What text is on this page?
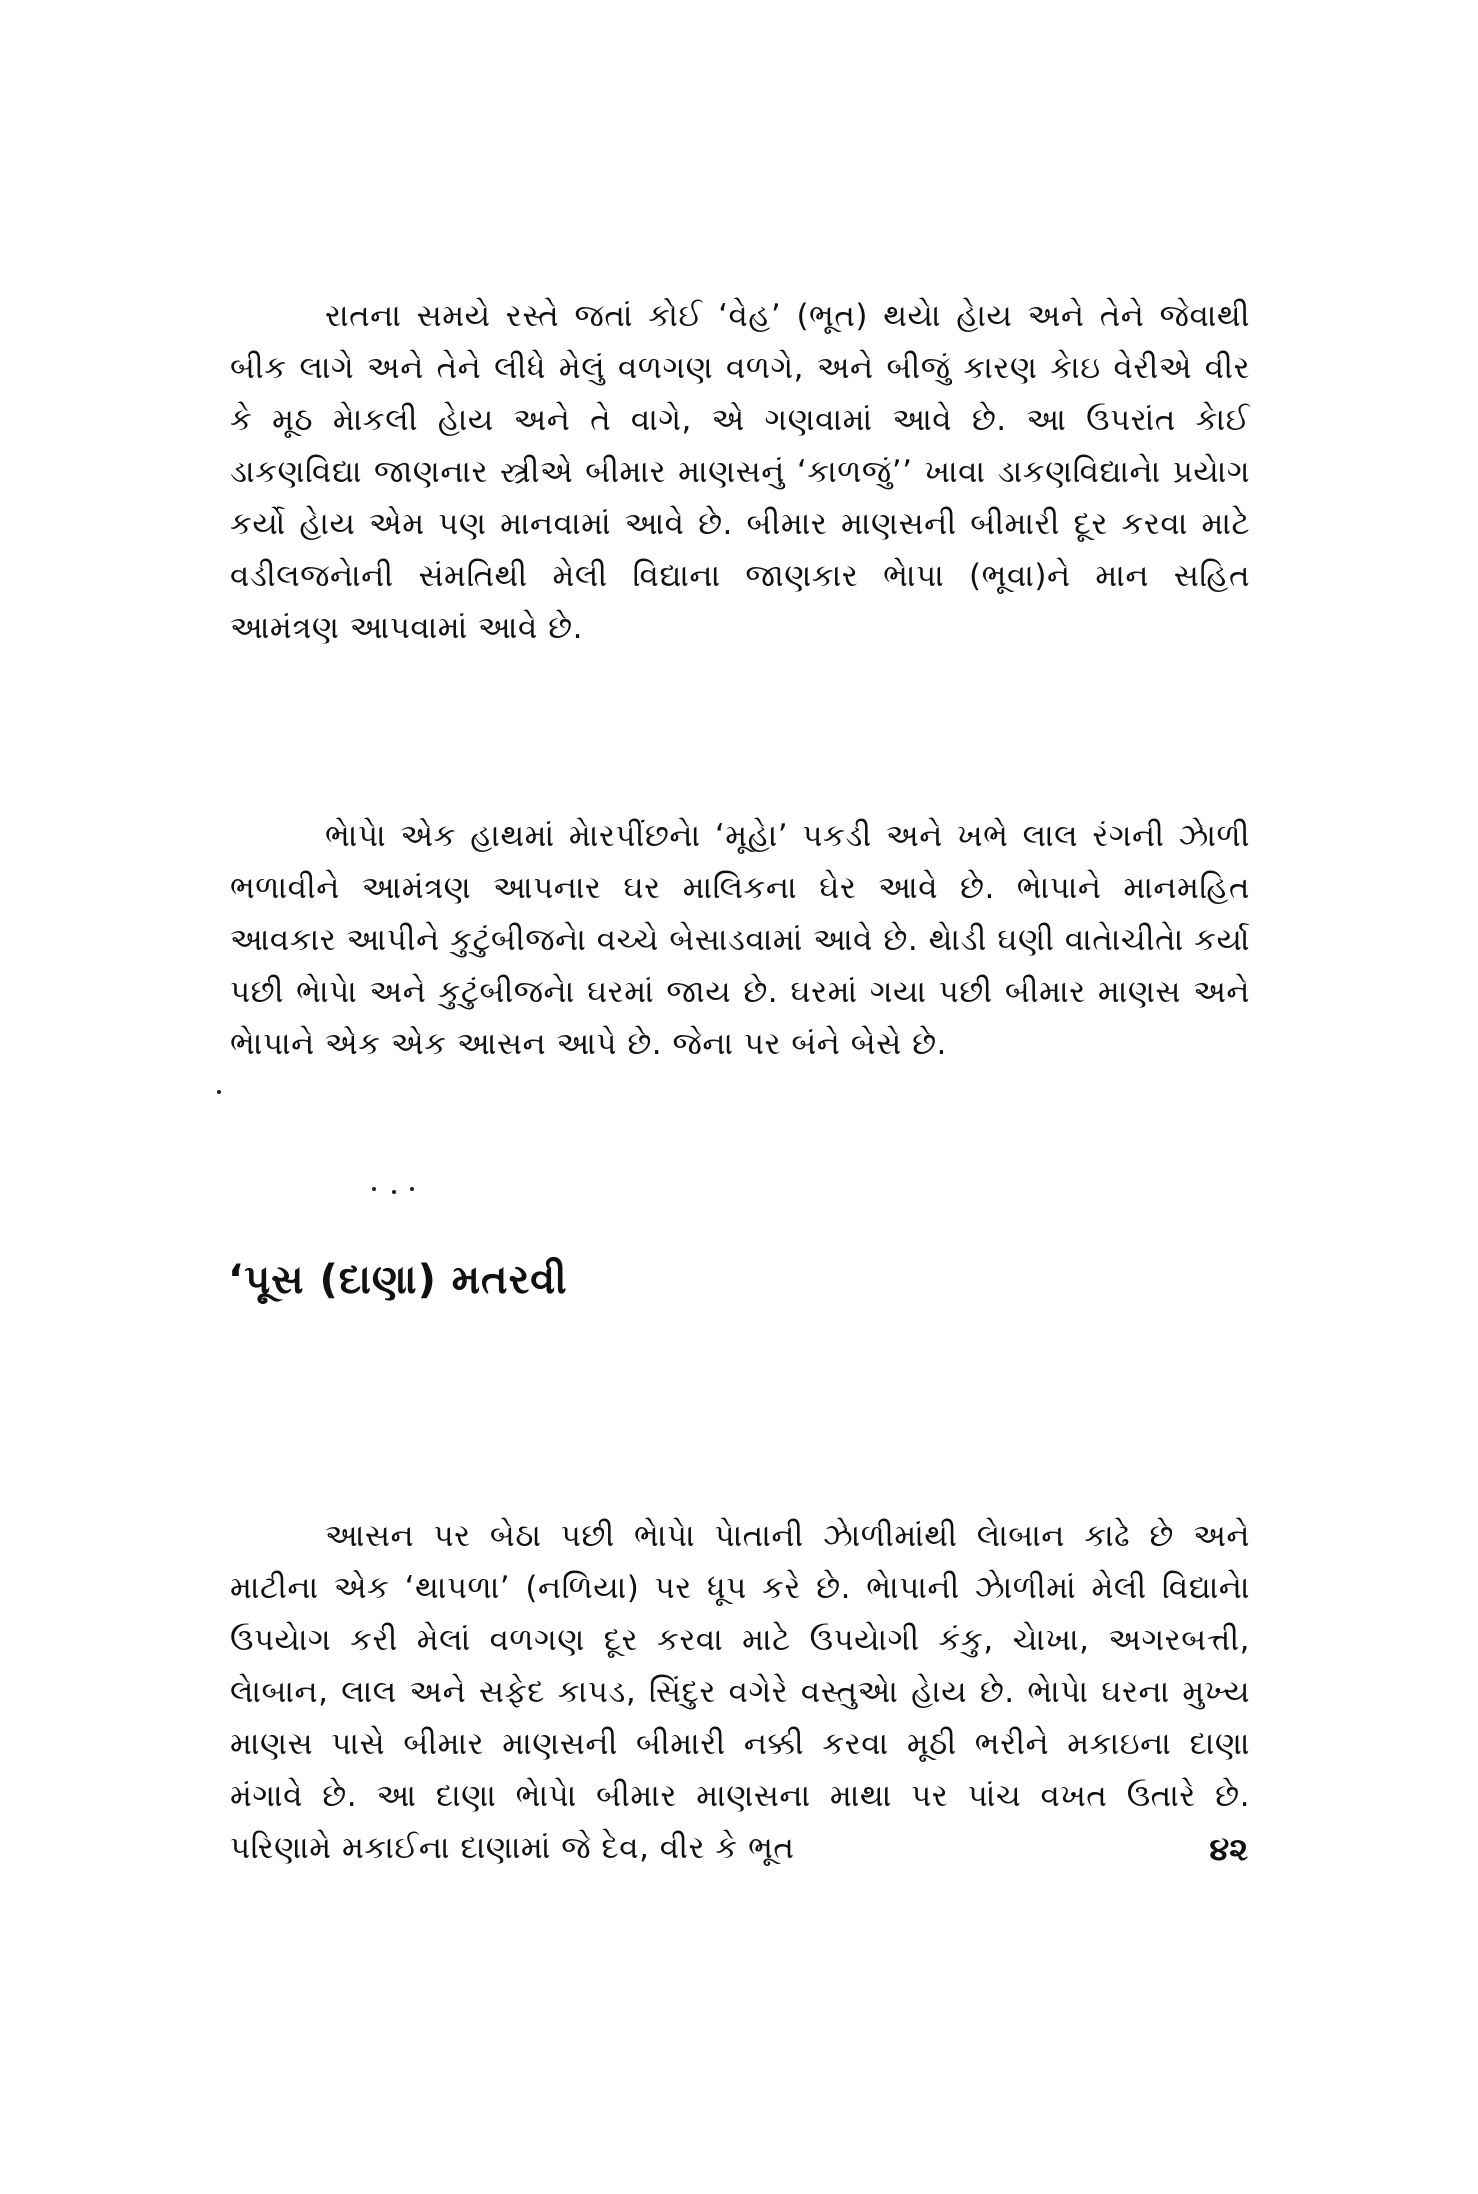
રાતના સમયે રસ્તે જતાં કોઈ ‘વેહ’ (ભૂત) થયેા હેાય અને તેને જેવાથી બીક લાગે અને તેને લીધે મેલું વળગણ વળગે, અને બીજું કારણ કેાઇ વેરીએ વીર કે મૂઠ મેાકલી હેાય અને તે વાગે, એ ગણવામાં આવે છે. આ ઉપરાંત કેાઈ ડાકણવિદ્યા જાણનાર સ્ત્રીએ બીમાર માણસનું ‘કાળજું’’ ખાવા ડાકણવિદ્યાનેા પ્રયેાગ કર્યો હેાય એમ પણ માનવામાં આવે છે. બીમાર માણસની બીમારી દૂર કરવા માટે વડીલજનેાની સંમતિથી મેલી વિદ્યાના જાણકાર ભેાપા (ભૂવા)ને માન સહિત આમંત્રણ આપવામાં આવે છે.

ભેાપેા એક હાથમાં મેારપીંછનેા ‘મૂહેા’ પકડી અને ખભે લાલ રંગની ઝેાળી ભળાવીને આમંત્રણ આપનાર ઘર માલિકના ઘેર આવે છે. ભેાપાને માનમહિત આવકાર આપીને કુટુંબીજનેા વચ્ચે બેસાડવામાં આવે છે. થેાડી ઘણી વાતેાચીતેા કર્યા પછી ભેાપેા અને કુટુંબીજનેા ઘરમાં જાય છે. ઘરમાં ગયા પછી બીમાર માણસ અને ભેાપાને એક એક આસન આપે છે. જેના પર બંને બેસે છે.

‘પૂસ (દાણા) મતરવી

આસન પર બેઠા પછી ભેાપેા પેાતાની ઝેાળીમાંથી લેાબાન કાઢે છે અને માટીના એક ‘થાપળા’ (નળિયા) પર ધૂપ કરે છે. ભેાપાની ઝેાળીમાં મેલી વિદ્યાનેા ઉપયેાગ કરી મેલાં વળગણ દૂર કરવા માટે ઉપયેાગી કંકુ, ચેાખા, અગરબત્તી, લેાબાન, લાલ અને સફેદ કાપડ, સિંદુર વગેરે વસ્તુએા હેાય છે. ભેાપેા ઘરના મુખ્ય માણસ પાસે બીમાર માણસની બીમારી નક્કી કરવા મૂઠી ભરીને મકાઇના દાણા મંગાવે છે. આ દાણા ભેાપેા બીમાર માણસના માથા પર પાંચ વખત ઉતારે છે. પરિણામે મકાઈના દાણામાં જે દેવ, વીર કે ભૂત	૪૨
